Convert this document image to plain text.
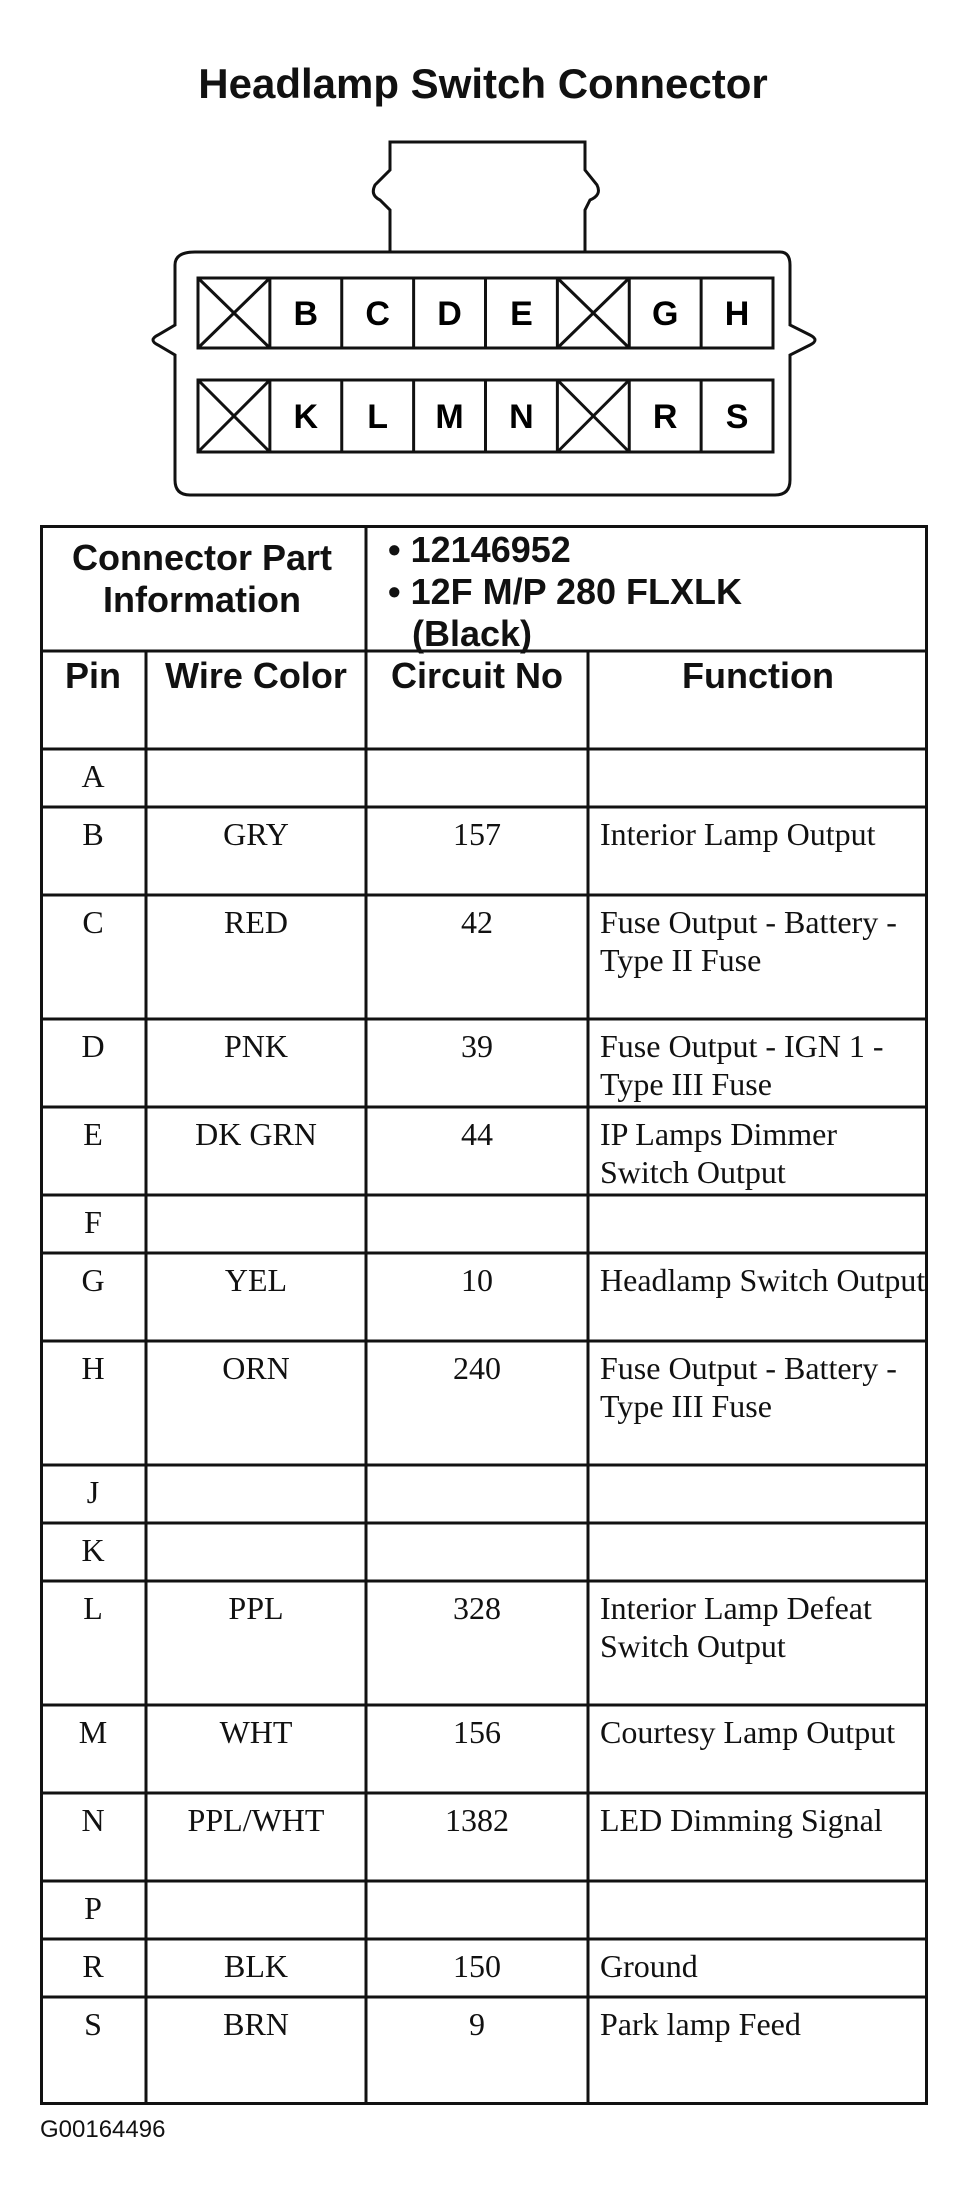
Headlamp Switch Connector
B C D E	G H
K L M N	R S
Connector Part Information
• 12146952
• 12F M/P 280 FLXLK
(Black)
Pin	Wire Color	Circuit No	Function
A
B	GRY	157	Interior Lamp Output
C	RED	42	Fuse Output - Battery - Type II Fuse
D	PNK	39	Fuse Output - IGN 1 - Type III Fuse
E	DK GRN	44	IP Lamps Dimmer Switch Output
F
G	YEL	10	Headlamp Switch Output
H	ORN	240	Fuse Output - Battery - Type III Fuse
J
K
L	PPL	328	Interior Lamp Defeat Switch Output
M	WHT	156	Courtesy Lamp Output
N	PPL/WHT	1382	LED Dimming Signal
P
R	BLK	150	Ground
S	BRN	9	Park lamp Feed
G00164496
